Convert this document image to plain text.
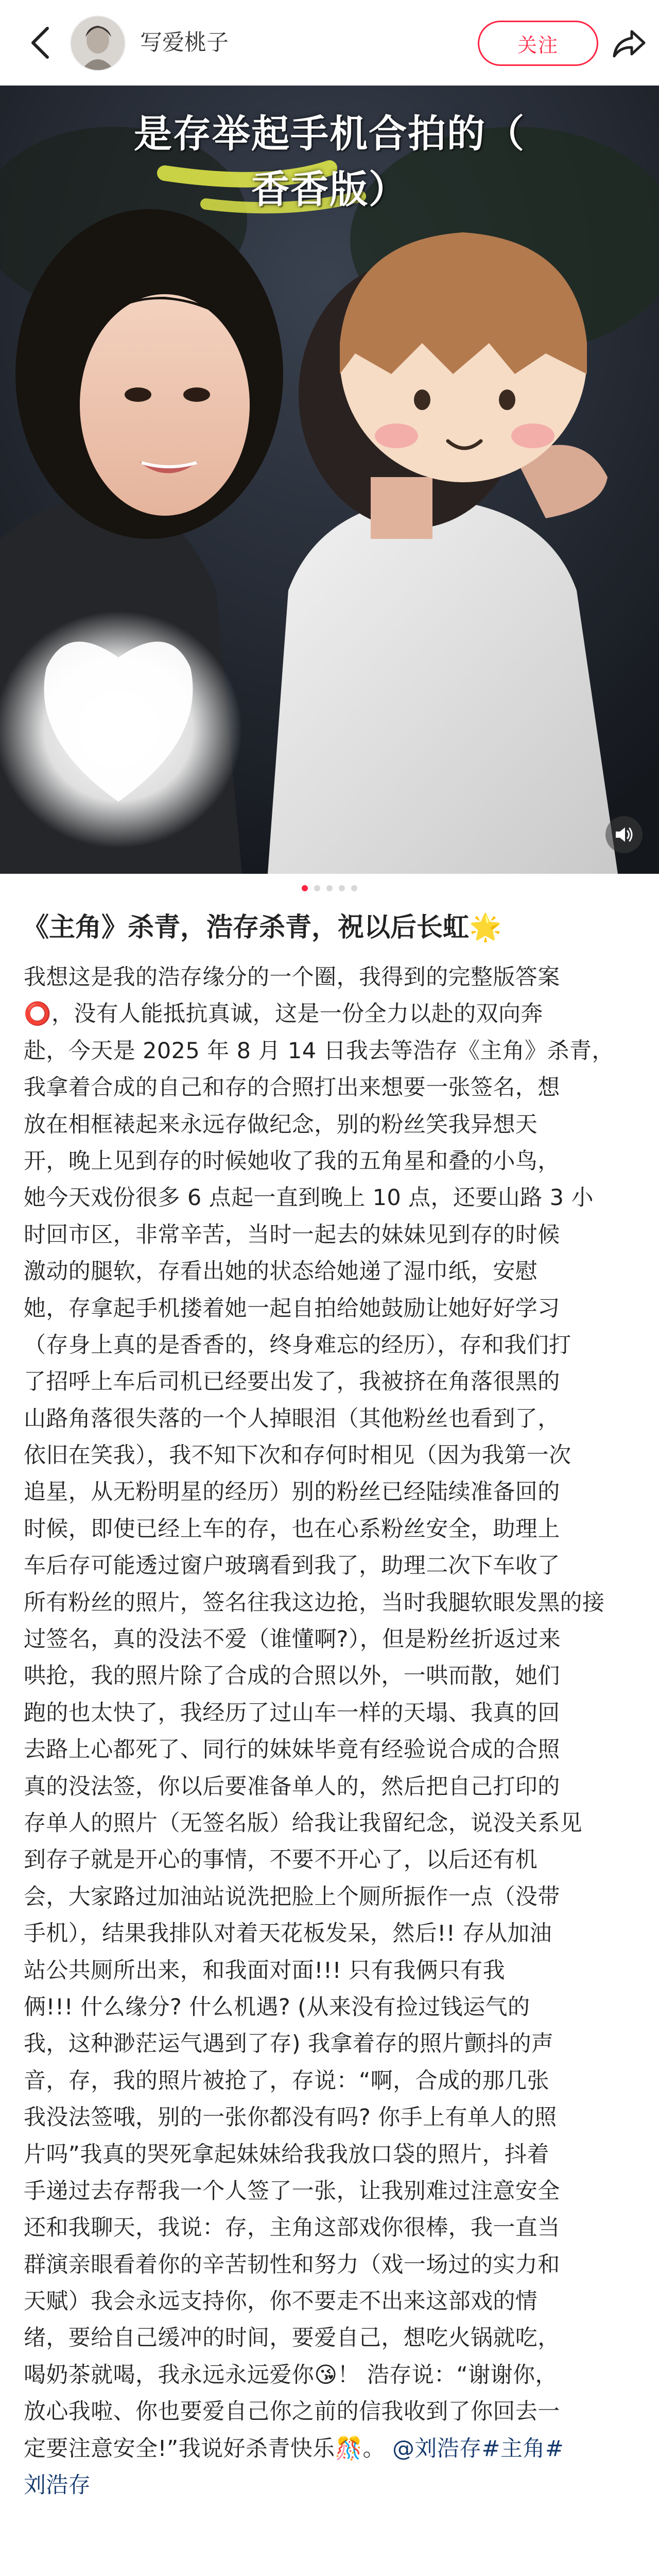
写爱桃子	关注
是存举起手机合拍的（
香香版）
《主角》杀青，浩存杀青，祝以后长虹🌟
我想这是我的浩存缘分的一个圈，我得到的完整版答案
⭕，没有人能抵抗真诚，这是一份全力以赴的双向奔
赴，今天是 2025 年 8 月 14 日我去等浩存《主角》杀青，
我拿着合成的自己和存的合照打出来想要一张签名，想
放在相框裱起来永远存做纪念，别的粉丝笑我异想天
开，晚上见到存的时候她收了我的五角星和叠的小鸟，
她今天戏份很多 6 点起一直到晚上 10 点，还要山路 3 小
时回市区，非常辛苦，当时一起去的妹妹见到存的时候
激动的腿软，存看出她的状态给她递了湿巾纸，安慰
她，存拿起手机搂着她一起自拍给她鼓励让她好好学习
（存身上真的是香香的，终身难忘的经历），存和我们打
了招呼上车后司机已经要出发了，我被挤在角落很黑的
山路角落很失落的一个人掉眼泪（其他粉丝也看到了，
依旧在笑我），我不知下次和存何时相见（因为我第一次
追星，从无粉明星的经历）别的粉丝已经陆续准备回的
时候，即使已经上车的存，也在心系粉丝安全，助理上
车后存可能透过窗户玻璃看到我了，助理二次下车收了
所有粉丝的照片，签名往我这边抢，当时我腿软眼发黑的接
过签名，真的没法不爱（谁懂啊?），但是粉丝折返过来
哄抢，我的照片除了合成的合照以外，一哄而散，她们
跑的也太快了，我经历了过山车一样的天塌、我真的回
去路上心都死了、同行的妹妹毕竟有经验说合成的合照
真的没法签，你以后要准备单人的，然后把自己打印的
存单人的照片（无签名版）给我让我留纪念，说没关系见
到存子就是开心的事情，不要不开心了，以后还有机
会，大家路过加油站说洗把脸上个厕所振作一点（没带
手机），结果我排队对着天花板发呆，然后!! 存从加油
站公共厕所出来，和我面对面!!! 只有我俩只有我
俩!!! 什么缘分? 什么机遇? (从来没有捡过钱运气的
我，这种渺茫运气遇到了存) 我拿着存的照片颤抖的声
音，存，我的照片被抢了，存说：“啊，合成的那几张
我没法签哦，别的一张你都没有吗? 你手上有单人的照
片吗”我真的哭死拿起妹妹给我我放口袋的照片，抖着
手递过去存帮我一个人签了一张，让我别难过注意安全
还和我聊天，我说：存，主角这部戏你很棒，我一直当
群演亲眼看着你的辛苦韧性和努力（戏一场过的实力和
天赋）我会永远支持你，你不要走不出来这部戏的情
绪，要给自己缓冲的时间，要爱自己，想吃火锅就吃，
喝奶茶就喝，我永远永远爱你😘！ 浩存说：“谢谢你，
放心我啦、你也要爱自己你之前的信我收到了你回去一
定要注意安全!”我说好杀青快乐🎊。 @刘浩存#主角#
刘浩存
